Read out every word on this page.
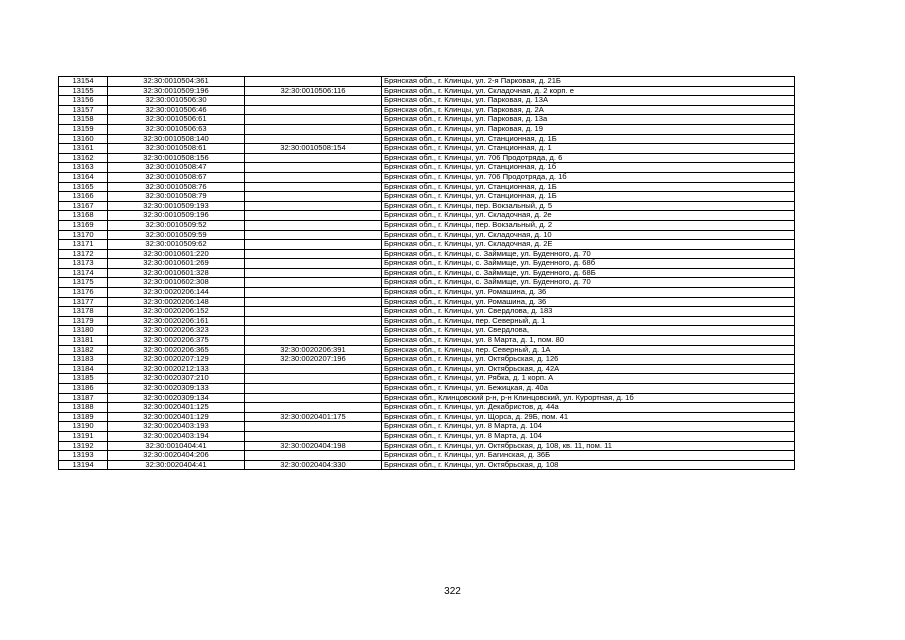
13154	32:30:0010504:361		Брянская обл., г. Клинцы, ул. 2-я Парковая, д. 21Б
13155	32:30:0010509:196	32:30:0010506:116	Брянская обл., г. Клинцы, ул. Складочная, д. 2 корп. е
13156	32:30:0010506:30		Брянская обл., г. Клинцы, ул. Парковая, д. 13А
13157	32:30:0010506:46		Брянская обл., г. Клинцы, ул. Парковая, д. 2А
13158	32:30:0010506:61		Брянская обл., г. Клинцы, ул. Парковая, д. 13а
13159	32:30:0010506:63		Брянская обл., г. Клинцы, ул. Парковая, д. 19
13160	32:30:0010508:140		Брянская обл., г. Клинцы, ул. Станционная, д. 1Б
13161	32:30:0010508:61	32:30:0010508:154	Брянская обл., г. Клинцы, ул. Станционная, д. 1
13162	32:30:0010508:156		Брянская обл., г. Клинцы, ул. 706 Продотряда, д. 6
13163	32:30:0010508:47		Брянская обл., г. Клинцы, ул. Станционная, д. 1б
13164	32:30:0010508:67		Брянская обл., г. Клинцы, ул. 706 Продотряда, д. 1б
13165	32:30:0010508:76		Брянская обл., г. Клинцы, ул. Станционная, д. 1Б
13166	32:30:0010508:79		Брянская обл., г. Клинцы, ул. Станционная, д. 1Б
13167	32:30:0010509:193		Брянская обл., г. Клинцы, пер. Вокзальный, д. 5
13168	32:30:0010509:196		Брянская обл., г. Клинцы, ул. Складочная, д. 2е
13169	32:30:0010509:52		Брянская обл., г. Клинцы, пер. Вокзальный, д. 2
13170	32:30:0010509:59		Брянская обл., г. Клинцы, ул. Складочная, д. 10
13171	32:30:0010509:62		Брянская обл., г. Клинцы, ул. Складочная, д. 2Е
13172	32:30:0010601:220		Брянская обл., г. Клинцы, с. Займище, ул. Буденного, д. 70
13173	32:30:0010601:269		Брянская обл., г. Клинцы, с. Займище, ул. Буденного, д. 68б
13174	32:30:0010601:328		Брянская обл., г. Клинцы, с. Займище, ул. Буденного, д. 68Б
13175	32:30:0010602:308		Брянская обл., г. Клинцы, с. Займище, ул. Буденного, д. 70
13176	32:30:0020206:144		Брянская обл., г. Клинцы, ул. Ромашина, д. 36
13177	32:30:0020206:148		Брянская обл., г. Клинцы, ул. Ромашина, д. 36
13178	32:30:0020206:152		Брянская обл., г. Клинцы, ул. Свердлова, д. 183
13179	32:30:0020206:161		Брянская обл., г. Клинцы, пер. Северный, д. 1
13180	32:30:0020206:323		Брянская обл., г. Клинцы, ул. Свердлова,
13181	32:30:0020206:375		Брянская обл., г. Клинцы, ул. 8 Марта, д. 1, пом. 80
13182	32:30:0020206:365	32:30:0020206:391	Брянская обл., г. Клинцы, пер. Северный, д. 1А
13183	32:30:0020207:129	32:30:0020207:196	Брянская обл., г. Клинцы, ул. Октябрьская, д. 126
13184	32:30:0020212:133		Брянская обл., г. Клинцы, ул. Октябрьская, д. 42А
13185	32:30:0020307:210		Брянская обл., г. Клинцы, ул. Рябка, д. 1 корп. А
13186	32:30:0020309:133		Брянская обл., г. Клинцы, ул. Бежицкая, д. 40а
13187	32:30:0020309:134		Брянская обл., Клинцовский р-н, р-н Клинцовский, ул. Курортная, д. 1б
13188	32:30:0020401:125		Брянская обл., г. Клинцы, ул. Декабристов, д. 44а
13189	32:30:0020401:129	32:30:0020401:175	Брянская обл., г. Клинцы, ул. Щорса, д. 29Б, пом. 41
13190	32:30:0020403:193		Брянская обл., г. Клинцы, ул. 8 Марта, д. 104
13191	32:30:0020403:194		Брянская обл., г. Клинцы, ул. 8 Марта, д. 104
13192	32:30:0010404:41	32:30:0020404:198	Брянская обл., г. Клинцы, ул. Октябрьская, д. 108, кв. 11, пом. 11
13193	32:30:0020404:206		Брянская обл., г. Клинцы, ул. Багинская, д. 36Б
13194	32:30:0020404:41	32:30:0020404:330	Брянская обл., г. Клинцы, ул. Октябрьская, д. 108
322
